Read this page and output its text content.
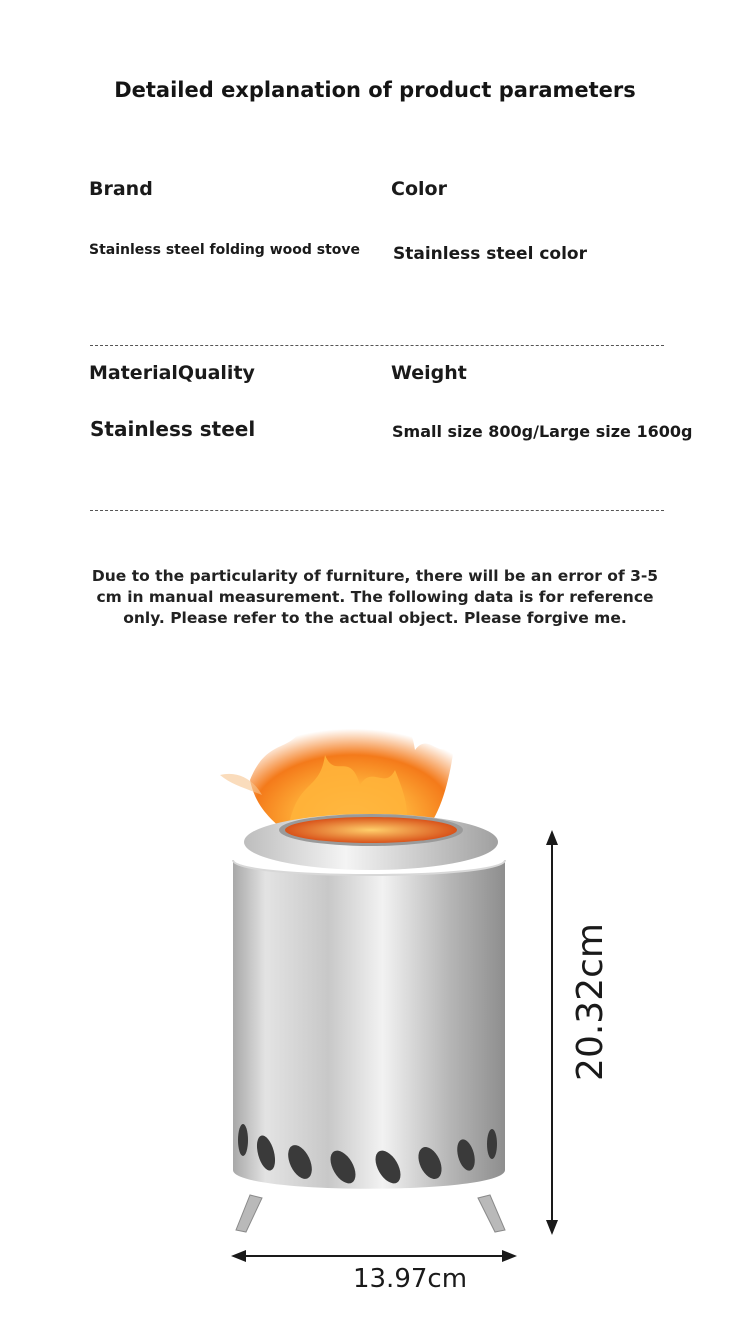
Detailed explanation of product parameters
Brand
Stainless steel folding wood stove
Color
Stainless steel color
MaterialQuality
Stainless steel
Weight
Small size 800g/Large size 1600g
Due to the particularity of furniture, there will be an error of 3-5
cm in manual measurement. The following data is for reference
only. Please refer to the actual object. Please forgive me.
20.32cm
13.97cm
